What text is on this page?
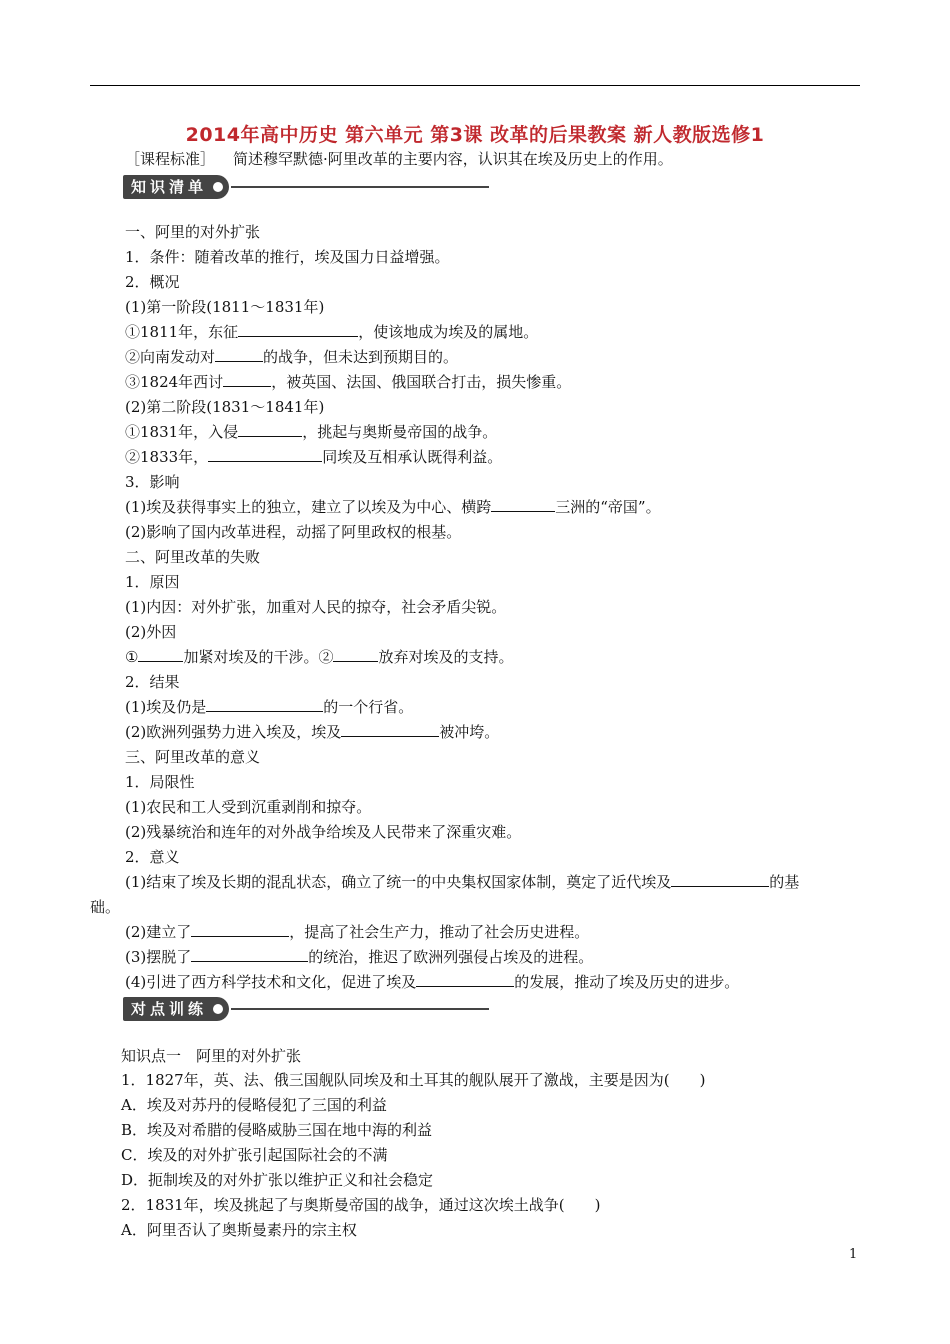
2014年高中历史 第六单元 第3课 改革的后果教案 新人教版选修1
［课程标准］ 简述穆罕默德·阿里改革的主要内容，认识其在埃及历史上的作用。
知识清单
一、阿里的对外扩张
1．条件：随着改革的推行，埃及国力日益增强。
2．概况
(1)第一阶段(1811～1831年)
①1811年，东征	，使该地成为埃及的属地。
②向南发动对	的战争，但未达到预期目的。
③1824年西讨	，被英国、法国、俄国联合打击，损失惨重。
(2)第二阶段(1831～1841年)
①1831年，入侵	，挑起与奥斯曼帝国的战争。
②1833年，	同埃及互相承认既得利益。
3．影响
(1)埃及获得事实上的独立，建立了以埃及为中心、横跨	三洲的“帝国”。
(2)影响了国内改革进程，动摇了阿里政权的根基。
二、阿里改革的失败
1．原因
(1)内因：对外扩张，加重对人民的掠夺，社会矛盾尖锐。
(2)外因
①	加紧对埃及的干涉。②	放弃对埃及的支持。
2．结果
(1)埃及仍是	的一个行省。
(2)欧洲列强势力进入埃及，埃及	被冲垮。
三、阿里改革的意义
1．局限性
(1)农民和工人受到沉重剥削和掠夺。
(2)残暴统治和连年的对外战争给埃及人民带来了深重灾难。
2．意义
(1)结束了埃及长期的混乱状态，确立了统一的中央集权国家体制，奠定了近代埃及	的基
础。
(2)建立了	，提高了社会生产力，推动了社会历史进程。
(3)摆脱了	的统治，推迟了欧洲列强侵占埃及的进程。
(4)引进了西方科学技术和文化，促进了埃及	的发展，推动了埃及历史的进步。
对点训练
知识点一　阿里的对外扩张
1．1827年，英、法、俄三国舰队同埃及和土耳其的舰队展开了激战，主要是因为(　　)
A．埃及对苏丹的侵略侵犯了三国的利益
B．埃及对希腊的侵略威胁三国在地中海的利益
C．埃及的对外扩张引起国际社会的不满
D．扼制埃及的对外扩张以维护正义和社会稳定
2．1831年，埃及挑起了与奥斯曼帝国的战争，通过这次埃土战争(　　)
A．阿里否认了奥斯曼素丹的宗主权
1
